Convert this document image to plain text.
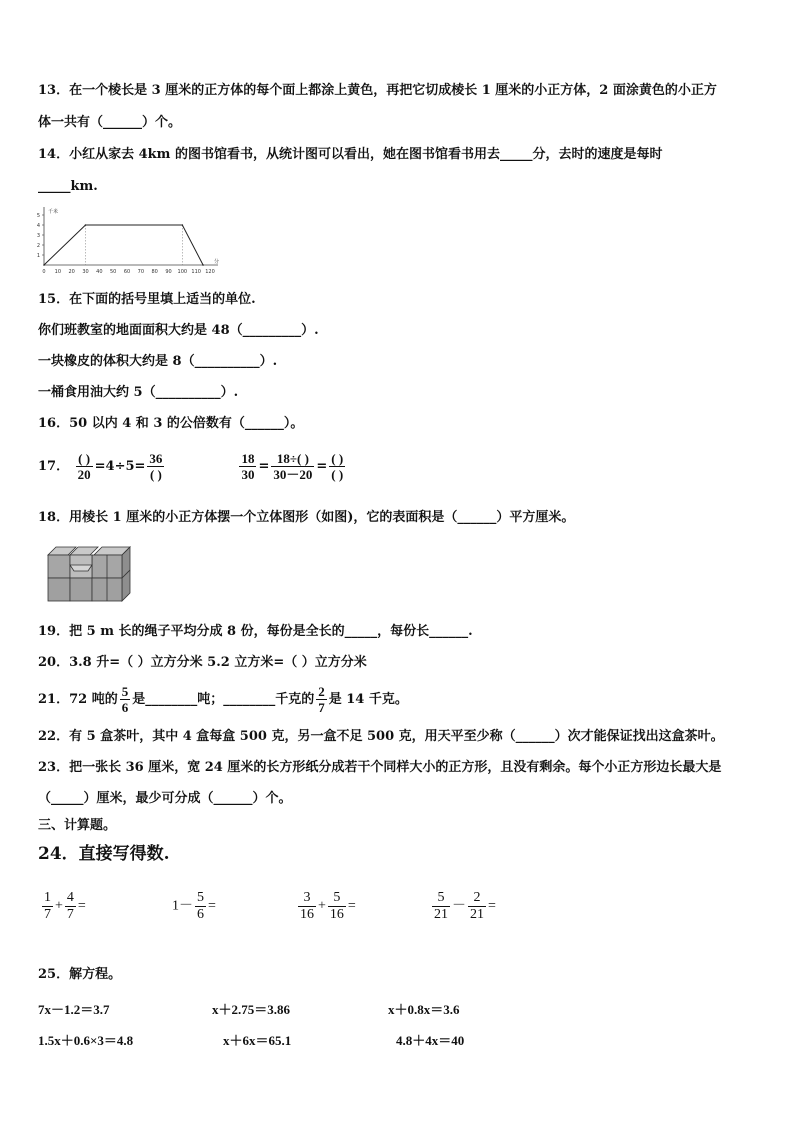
13．在一个棱长是 3 厘米的正方体的每个面上都涂上黄色，再把它切成棱长 1 厘米的小正方体，2 面涂黄色的小正方
体一共有（______）个。
14．小红从家去 4km 的图书馆看书，从统计图可以看出，她在图书馆看书用去_____分，去时的速度是每时
_____km.
1
2
3
4
5
0 10 20 30 40 50 60 70 80 90 100 110 120
千米
分
15．在下面的括号里填上适当的单位.
你们班教室的地面面积大约是 48（_________）.
一块橡皮的体积大约是 8（__________）.
一桶食用油大约 5（__________）.
16．50 以内 4 和 3 的公倍数有（______）。
17． $\frac{( )}{20} =4\div 5= \frac{36}{( )}$
	$\frac{18}{30} = \frac{18\div( )}{30-20} = \frac{( )}{( )}$
18．用棱长 1 厘米的小正方体摆一个立体图形（如图)，它的表面积是（______）平方厘米。
19．把 5 m 长的绳子平均分成 8 份，每份是全长的_____，每份长______.
20．3.8 升=（ ）立方分米 5.2 立方米=（ ）立方分米
21．72 吨的 $\frac{5}{6}$ 是________吨；________千克的 $\frac{2}{7}$ 是 14 千克。
22．有 5 盒茶叶，其中 4 盒每盒 500 克，另一盒不足 500 克，用天平至少称（______）次才能保证找出这盒茶叶。
23．把一张长 36 厘米，宽 24 厘米的长方形纸分成若干个同样大小的正方形，且没有剩余。每个小正方形边长最大是
（_____）厘米，最少可分成（______）个。
三、计算题。
24．直接写得数.
$\frac{1}{7} + \frac{4}{7}$ =	$1- \frac{5}{6}$ =	$\frac{3}{16} + \frac{5}{16}$ =	$\frac{5}{21} - \frac{2}{21}$ =
25．解方程。
7x－1.2＝3.7	x＋2.75＝3.86	x＋0.8x＝3.6
1.5x＋0.6×3＝4.8	x＋6x＝65.1	4.8＋4x＝40
